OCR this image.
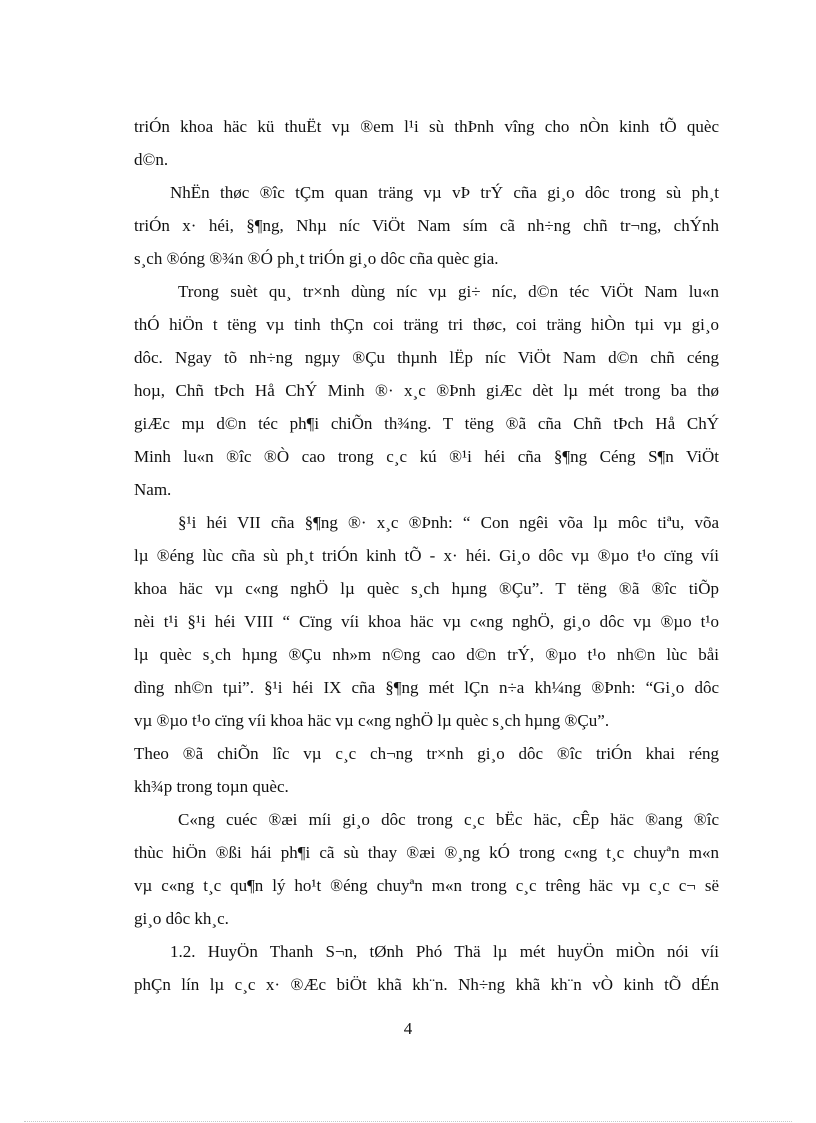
triÓn khoa häc kü thuËt vµ ®em l¹i sù thÞnh vîng cho nÒn kinh tÕ quèc
d©n.
NhËn thøc ®îc tÇm quan träng vµ vÞ trÝ cña gi¸o dôc trong sù ph¸t
triÓn x· héi, §¶ng, Nhµ níc ViÖt Nam sím cã nh÷ng chñ tr¬ng, chÝnh
s¸ch ®óng ®¾n ®Ó ph¸t triÓn gi¸o dôc cña quèc gia.
Trong suèt qu¸ tr×nh dùng níc vµ gi÷ níc, d©n téc ViÖt Nam lu«n
thÓ hiÖn t tëng vµ tinh thÇn coi träng tri thøc, coi träng hiÒn tµi vµ gi¸o
dôc. Ngay tõ nh÷ng ngµy ®Çu thµnh lËp níc ViÖt Nam d©n chñ céng
hoµ, Chñ tÞch Hå ChÝ Minh ®· x¸c ®Þnh giÆc dèt lµ mét trong ba thø
giÆc mµ d©n téc ph¶i chiÕn th¾ng. T tëng ®ã cña Chñ tÞch Hå ChÝ
Minh lu«n ®îc ®Ò cao trong c¸c kú ®¹i héi cña §¶ng Céng S¶n ViÖt
Nam.
§¹i héi VII cña §¶ng ®· x¸c ®Þnh: “ Con ngêi võa lµ môc tiªu, võa
lµ ®éng lùc cña sù ph¸t triÓn kinh tÕ - x· héi. Gi¸o dôc vµ ®µo t¹o cïng víi
khoa häc vµ c«ng nghÖ lµ quèc s¸ch hµng ®Çu”. T tëng ®ã ®îc tiÕp
nèi t¹i §¹i héi VIII “ Cïng víi khoa häc vµ c«ng nghÖ, gi¸o dôc vµ ®µo t¹o
lµ quèc s¸ch hµng ®Çu nh»m n©ng cao d©n trÝ, ®µo t¹o nh©n lùc båi
dìng nh©n tµi”. §¹i héi IX cña §¶ng mét lÇn n÷a kh¼ng ®Þnh: “Gi¸o dôc
vµ ®µo t¹o cïng víi khoa häc vµ c«ng nghÖ lµ quèc s¸ch hµng ®Çu”.
Theo ®ã chiÕn lîc vµ c¸c ch¬ng tr×nh gi¸o dôc ®îc triÓn khai réng
kh¾p trong toµn quèc.
C«ng cuéc ®æi míi gi¸o dôc trong c¸c bËc häc, cÊp häc ®ang ®îc
thùc hiÖn ®ßi hái ph¶i cã sù thay ®æi ®¸ng kÓ trong c«ng t¸c chuyªn m«n
vµ c«ng t¸c qu¶n lý ho¹t ®éng chuyªn m«n trong c¸c trêng häc vµ c¸c c¬ së
gi¸o dôc kh¸c.
1.2. HuyÖn Thanh S¬n, tØnh Phó Thä lµ mét huyÖn miÒn nói víi
phÇn lín lµ c¸c x· ®Æc biÖt khã kh¨n. Nh÷ng khã kh¨n vÒ kinh tÕ dÉn
4
